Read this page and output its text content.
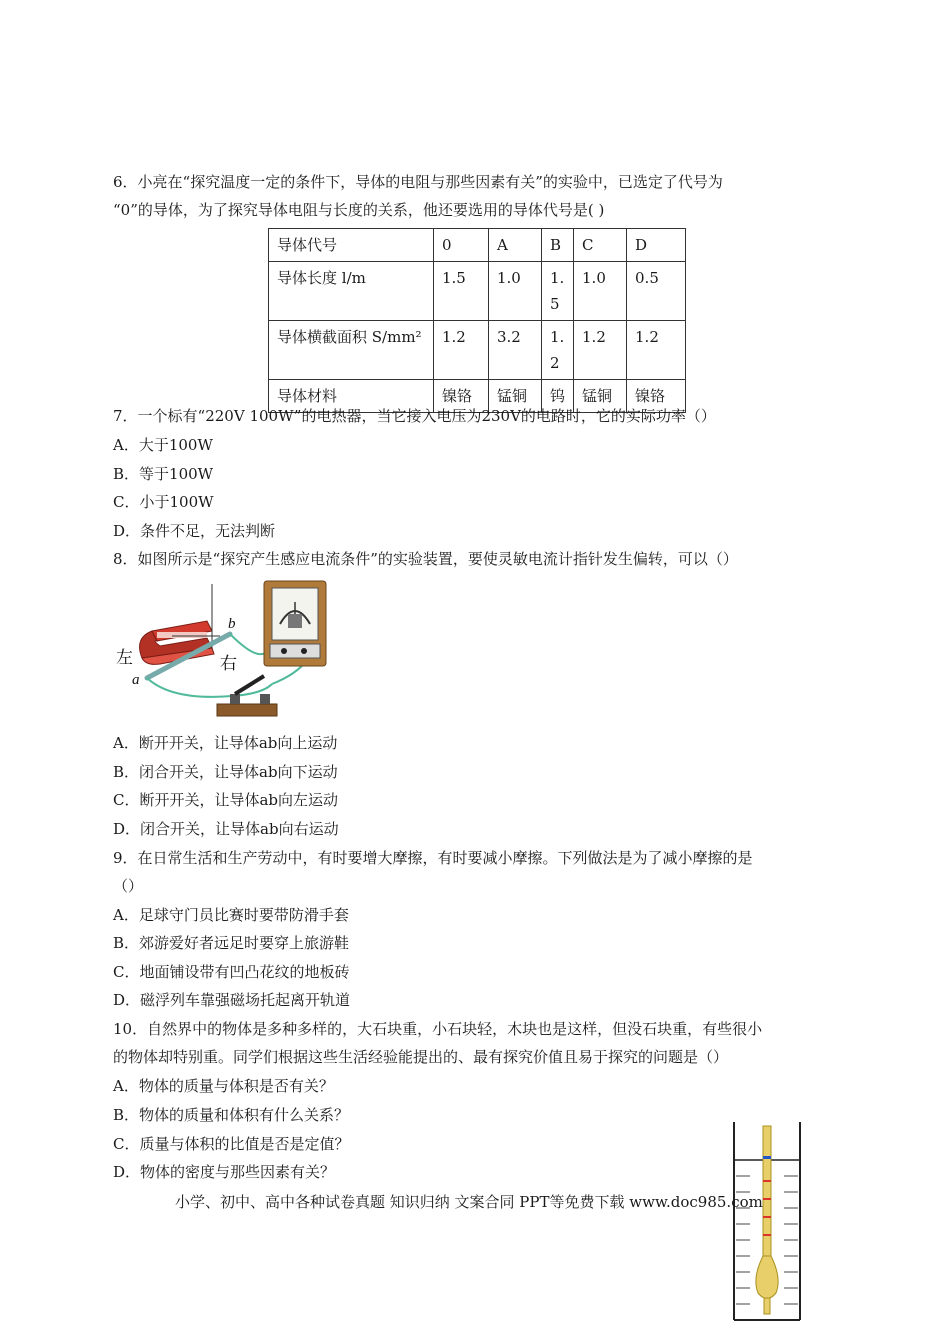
6．小亮在“探究温度一定的条件下，导体的电阻与那些因素有关”的实验中，已选定了代号为
“0”的导体，为了探究导体电阻与长度的关系，他还要选用的导体代号是( )
导体代号	0	A	B	C	D
导体长度 l/m	1.5	1.0	1.5	1.0	0.5
导体横截面积 S/mm²	1.2	3.2	1.2	1.2	1.2
导体材料	镍铬	锰铜	钨	锰铜	镍铬
7．一个标有“220V 100W”的电热器，当它接入电压为230V的电路时，它的实际功率（）
A．大于100W
B．等于100W
C．小于100W
D．条件不足，无法判断
8．如图所示是“探究产生感应电流条件”的实验装置，要使灵敏电流计指针发生偏转，可以（）
左	右
a
b
A．断开开关，让导体ab向上运动
B．闭合开关，让导体ab向下运动
C．断开开关，让导体ab向左运动
D．闭合开关，让导体ab向右运动
9．在日常生活和生产劳动中，有时要增大摩擦，有时要减小摩擦。下列做法是为了减小摩擦的是
（）
A．足球守门员比赛时要带防滑手套
B．郊游爱好者远足时要穿上旅游鞋
C．地面铺设带有凹凸花纹的地板砖
D．磁浮列车靠强磁场托起离开轨道
10．自然界中的物体是多种多样的，大石块重，小石块轻，木块也是这样，但没石块重，有些很小
的物体却特别重。同学们根据这些生活经验能提出的、最有探究价值且易于探究的问题是（）
A．物体的质量与体积是否有关？
B．物体的质量和体积有什么关系？
C．质量与体积的比值是否是定值？
D．物体的密度与那些因素有关？
小学、初中、高中各种试卷真题 知识归纳 文案合同 PPT等免费下载 www.doc985.com
